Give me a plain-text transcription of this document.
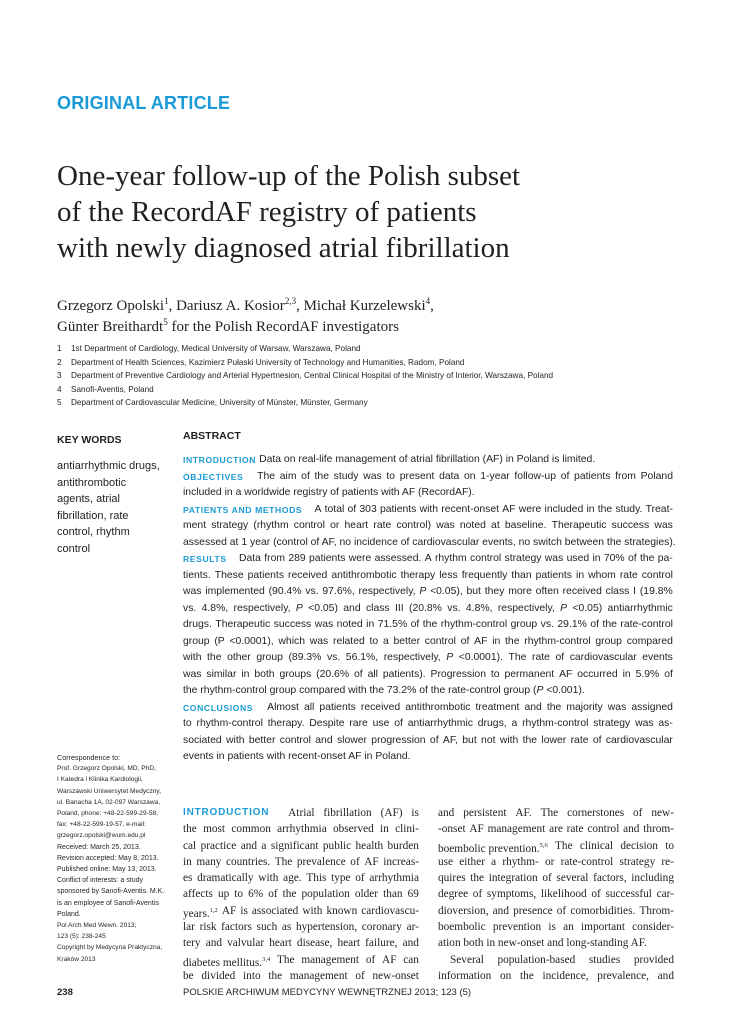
ORIGINAL ARTICLE
One-year follow-up of the Polish subset
of the RecordAF registry of patients
with newly diagnosed atrial fibrillation
Grzegorz Opolski$^1$, Dariusz A. Kosior$^{2,3}$, Michał Kurzelewski$^4$,
Günter Breithardt$^5$ for the Polish RecordAF investigators
1	1st Department of Cardiology, Medical University of Warsaw, Warszawa, Poland
2	Department of Health Sciences, Kazimierz Pułaski University of Technology and Humanities, Radom, Poland
3	Department of Preventive Cardiology and Arterial Hypertnesion, Central Clinical Hospital of the Ministry of Interior, Warszawa, Poland
4	Sanofi-Aventis, Poland
5	Department of Cardiovascular Medicine, University of Münster, Münster, Germany
KEY WORDS
antiarrhythmic drugs,
antithrombotic
agents, atrial
fibrillation, rate
control, rhythm
control
ABSTRACT
INTRODUCTION Data on real-life management of atrial fibrillation (AF) in Poland is limited.
OBJECTIVES The aim of the study was to present data on 1-year follow-up of patients from Poland
included in a worldwide registry of patients with AF (RecordAF).
PATIENTS AND METHODS A total of 303 patients with recent-onset AF were included in the study. Treat-
ment strategy (rhythm control or heart rate control) was noted at baseline. Therapeutic success was
assessed at 1 year (control of AF, no incidence of cardiovascular events, no switch between the strategies).
RESULTS Data from 289 patients were assessed. A rhythm control strategy was used in 70% of the pa-
tients. These patients received antithrombotic therapy less frequently than patients in whom rate control
was implemented (90.4% vs. 97.6%, respectively, P <0.05), but they more often received class I (19.8%
vs. 4.8%, respectively, P <0.05) and class III (20.8% vs. 4.8%, respectively, P <0.05) antiarrhythmic
drugs. Therapeutic success was noted in 71.5% of the rhythm-control group vs. 29.1% of the rate-control
group (P <0.0001), which was related to a better control of AF in the rhythm-control group compared
with the other group (89.3% vs. 56.1%, respectively, P <0.0001). The rate of cardiovascular events
was similar in both groups (20.6% of all patients). Progression to permanent AF occurred in 5.9% of
the rhythm-control group compared with the 73.2% of the rate-control group (P <0.001).
CONCLUSIONS Almost all patients received antithrombotic treatment and the majority was assigned
to rhythm-control therapy. Despite rare use of antiarrhythmic drugs, a rhythm-control strategy was as-
sociated with better control and slower progression of AF, but not with the lower rate of cardiovascular
events in patients with recent-onset AF in Poland.
Correspondence to:
Prof. Grzegorz Opolski, MD, PhD,
I Katedra i Klinika Kardiologii,
Warszawski Uniwersytet Medyczny,
ul. Banacha 1A, 02-097 Warszawa,
Poland, phone: +48-22-599-29-58,
fax: +48-22-599-19-57, e-mail:
grzegorz.opolski@wum.edu.pl
Received: March 25, 2013.
Revision accepted: May 8, 2013.
Published online: May 13, 2013.
Conflict of interests: a study
sponsored by Sanofi-Aventis. M.K.
is an employee of Sanofi-Aventis
Poland.
Pol Arch Med Wewn. 2013;
123 (5): 238-245
Copyright by Medycyna Praktyczna,
Kraków 2013
INTRODUCTION Atrial fibrillation (AF) is
the most common arrhythmia observed in clini-
cal practice and a significant public health burden
in many countries. The prevalence of AF increas-
es dramatically with age. This type of arrhythmia
affects up to 6% of the population older than 69
years.$^{1,2}$ AF is associated with known cardiovascu-
lar risk factors such as hypertension, coronary ar-
tery and valvular heart disease, heart failure, and
diabetes mellitus.$^{3,4}$ The management of AF can
be divided into the management of new-onset
and persistent AF. The cornerstones of new-
-onset AF management are rate control and throm-
boembolic prevention.$^{5,6}$ The clinical decision to
use either a rhythm- or rate-control strategy re-
quires the integration of several factors, including
degree of symptoms, likelihood of successful car-
dioversion, and presence of comorbidities. Throm-
boembolic prevention is an important consider-
ation both in new-onset and long-standing AF.
Several population-based studies provided
information on the incidence, prevalence, and
238	POLSKIE ARCHIWUM MEDYCYNY WEWNĘTRZNEJ 2013; 123 (5)
